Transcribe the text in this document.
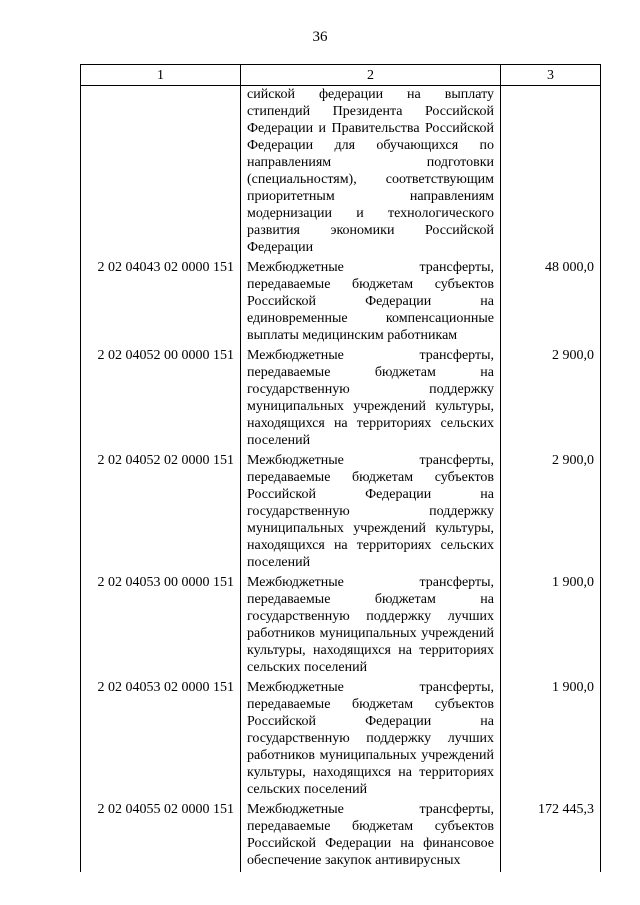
36
1	2	3

	сийской федерации на выплату стипендий Президента Российской Федерации и Правительства Российской Федерации для обучающихся по направлениям подготовки (специальностям), соответствующим приоритетным направлениям модернизации и технологического развития экономики Российской Федерации	

2 02 04043 02 0000 151	Межбюджетные трансферты, передаваемые бюджетам субъектов Российской Федерации на единовременные компенсационные выплаты медицинским работникам	48 000,0
2 02 04052 00 0000 151	Межбюджетные трансферты, передаваемые бюджетам на государственную поддержку муниципальных учреждений культуры, находящихся на территориях сельских поселений	2 900,0
2 02 04052 02 0000 151	Межбюджетные трансферты, передаваемые бюджетам субъектов Российской Федерации на государственную поддержку муниципальных учреждений культуры, находящихся на территориях сельских поселений	2 900,0
2 02 04053 00 0000 151	Межбюджетные трансферты, передаваемые бюджетам на государственную поддержку лучших работников муниципальных учреждений культуры, находящихся на территориях сельских поселений	1 900,0
2 02 04053 02 0000 151	Межбюджетные трансферты, передаваемые бюджетам субъектов Российской Федерации на государственную поддержку лучших работников муниципальных учреждений культуры, находящихся на территориях сельских поселений	1 900,0
2 02 04055 02 0000 151	Межбюджетные трансферты, передаваемые бюджетам субъектов Российской Федерации на финансовое обеспечение закупок антивирусных	172 445,3
